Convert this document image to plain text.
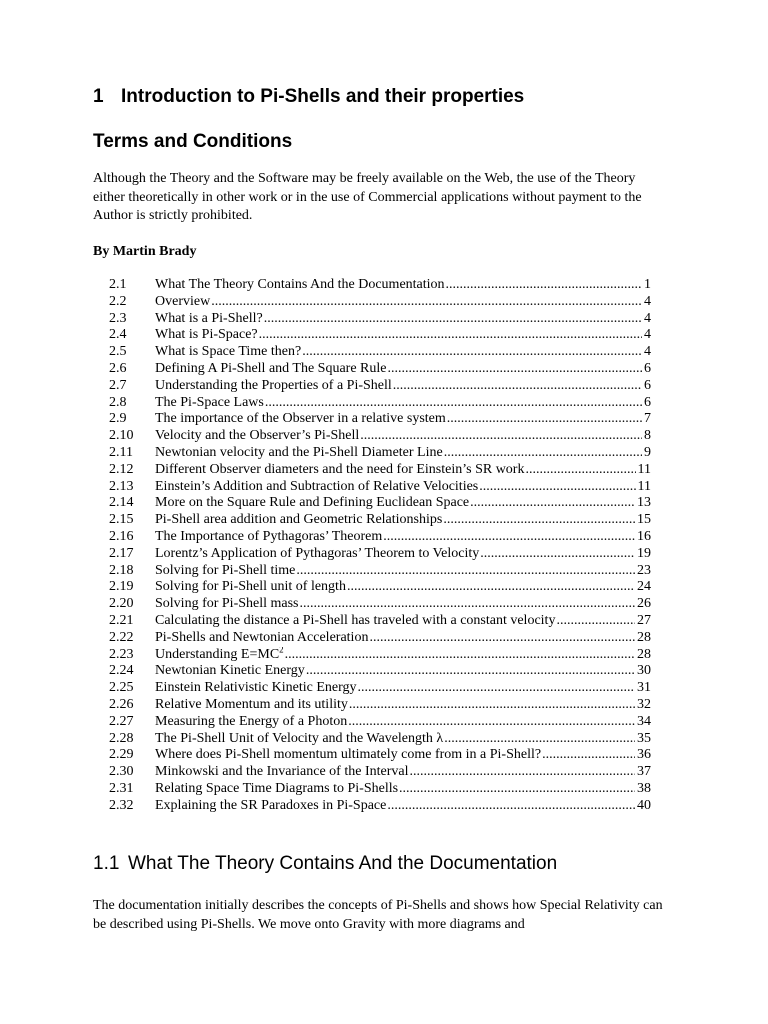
1 Introduction to Pi-Shells and their properties
Terms and Conditions

Although the Theory and the Software may be freely available on the Web, the use of the Theory either theoretically in other work or in the use of Commercial applications without payment to the Author is strictly prohibited.

By Martin Brady
2.1 What The Theory Contains And the Documentation .....	1
2.2 Overview .....	4
2.3 What is a Pi-Shell? .....	4
2.4 What is Pi-Space? .....	4
2.5 What is Space Time then? .....	4
2.6 Defining A Pi-Shell and The Square Rule .....	6
2.7 Understanding the Properties of a Pi-Shell .....	6
2.8 The Pi-Space Laws .....	6
2.9 The importance of the Observer in a relative system .....	7
2.10 Velocity and the Observer’s Pi-Shell .....	8
2.11 Newtonian velocity and the Pi-Shell Diameter Line .....	9
2.12 Different Observer diameters and the need for Einstein’s SR work .....	11
2.13 Einstein’s Addition and Subtraction of Relative Velocities .....	11
2.14 More on the Square Rule and Defining Euclidean Space .....	13
2.15 Pi-Shell area addition and Geometric Relationships .....	15
2.16 The Importance of Pythagoras’ Theorem .....	16
2.17 Lorentz’s Application of Pythagoras’ Theorem to Velocity .....	19
2.18 Solving for Pi-Shell time .....	23
2.19 Solving for Pi-Shell unit of length .....	24
2.20 Solving for Pi-Shell mass .....	26
2.21 Calculating the distance a Pi-Shell has traveled with a constant velocity .....	27
2.22 Pi-Shells and Newtonian Acceleration .....	28
2.23 Understanding $E=MC^2$ .....	28
2.24 Newtonian Kinetic Energy .....	30
2.25 Einstein Relativistic Kinetic Energy .....	31
2.26 Relative Momentum and its utility .....	32
2.27 Measuring the Energy of a Photon .....	34
2.28 The Pi-Shell Unit of Velocity and the Wavelength λ .....	35
2.29 Where does Pi-Shell momentum ultimately come from in a Pi-Shell? .....	36
2.30 Minkowski and the Invariance of the Interval .....	37
2.31 Relating Space Time Diagrams to Pi-Shells .....	38
2.32 Explaining the SR Paradoxes in Pi-Space .....	40
1.1 What The Theory Contains And the Documentation

The documentation initially describes the concepts of Pi-Shells and shows how Special Relativity can be described using Pi-Shells. We move onto Gravity with more diagrams and
